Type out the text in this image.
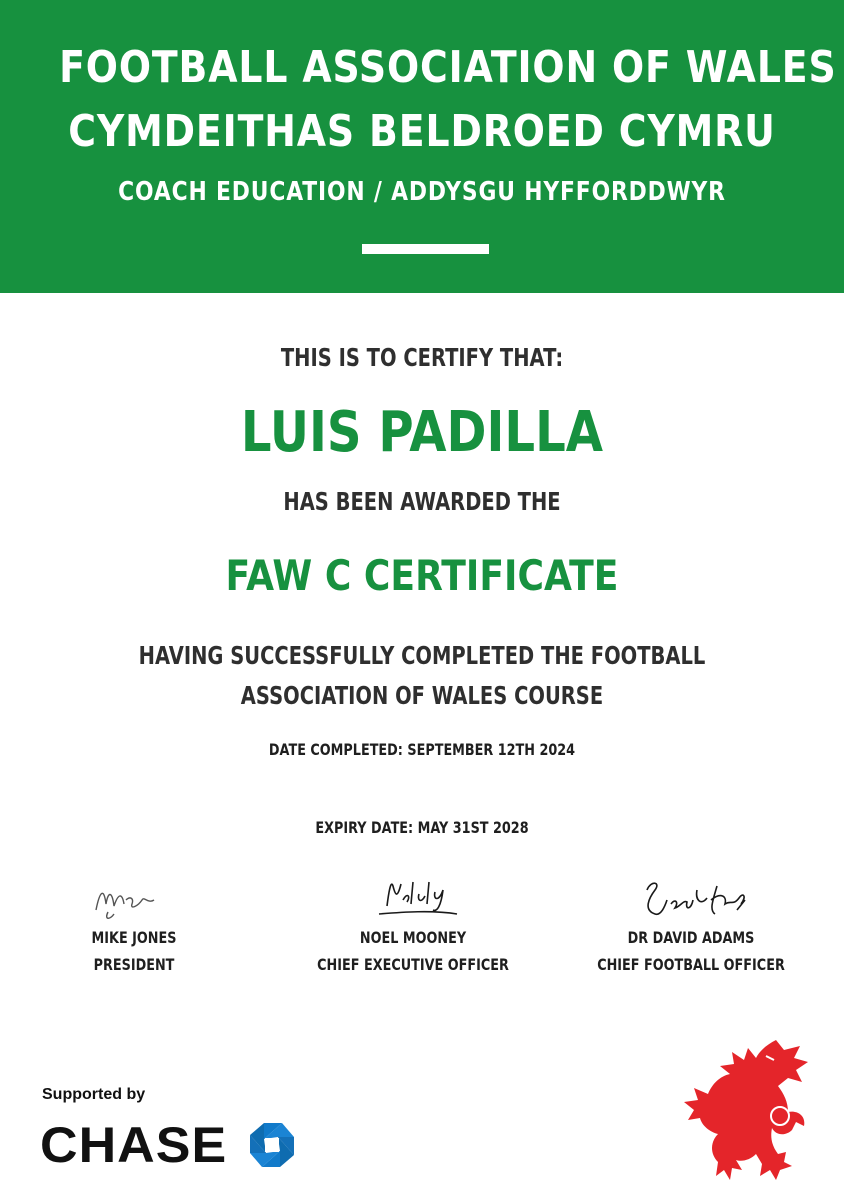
FOOTBALL ASSOCIATION OF WALES
CYMDEITHAS BELDROED CYMRU
COACH EDUCATION / ADDYSGU HYFFORDDWYR
THIS IS TO CERTIFY THAT:
LUIS PADILLA
HAS BEEN AWARDED THE
FAW C CERTIFICATE
HAVING SUCCESSFULLY COMPLETED THE FOOTBALL ASSOCIATION OF WALES COURSE
DATE COMPLETED: SEPTEMBER 12TH 2024
EXPIRY DATE: MAY 31ST 2028
MIKE JONES
PRESIDENT
NOEL MOONEY
CHIEF EXECUTIVE OFFICER
DR DAVID ADAMS
CHIEF FOOTBALL OFFICER
Supported by
CHASE
